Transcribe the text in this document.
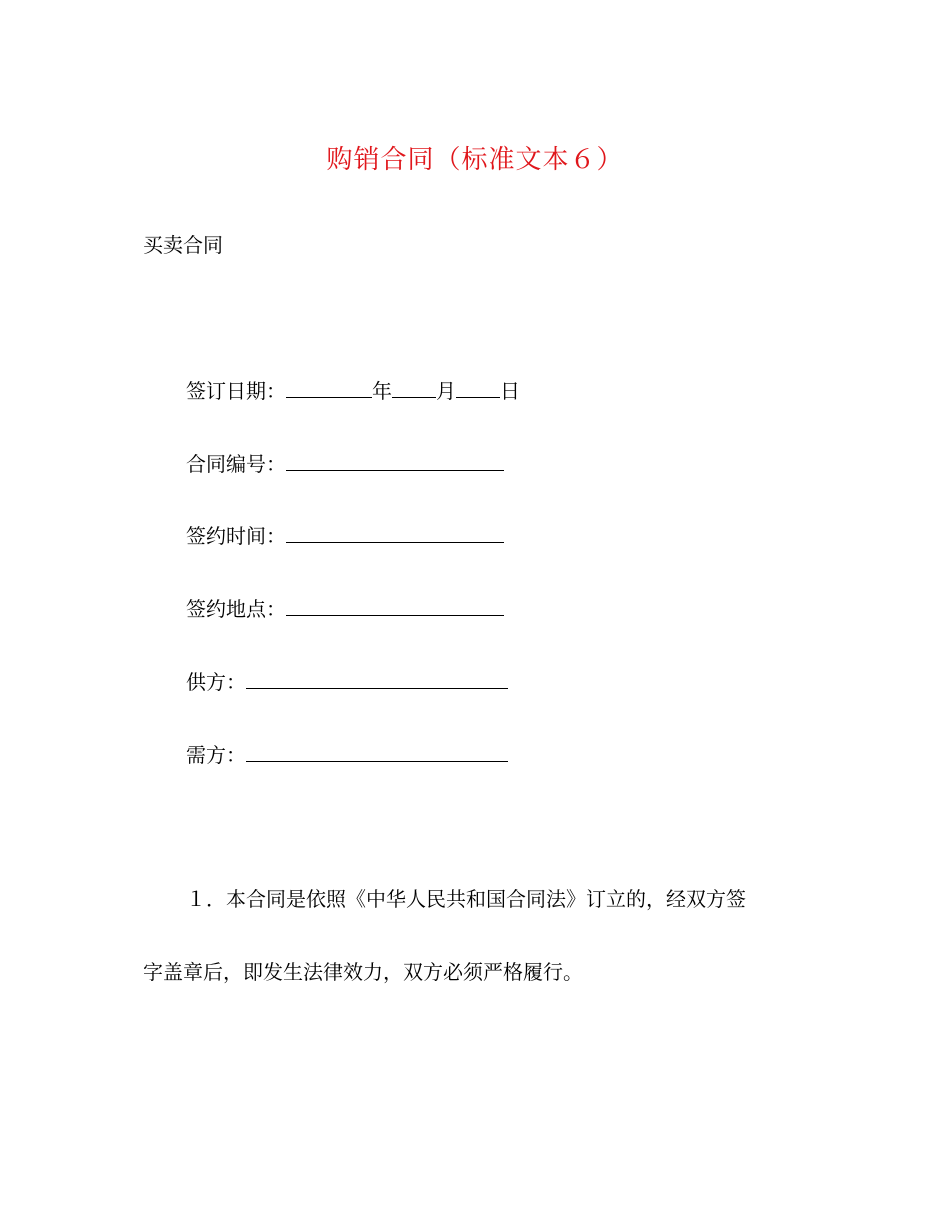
购销合同（标准文本６）
买卖合同
签订日期：	年 月 日
合同编号：
签约时间：
签约地点：
供方：
需方：
１．本合同是依照《中华人民共和国合同法》订立的，经双方签
字盖章后，即发生法律效力，双方必须严格履行。
